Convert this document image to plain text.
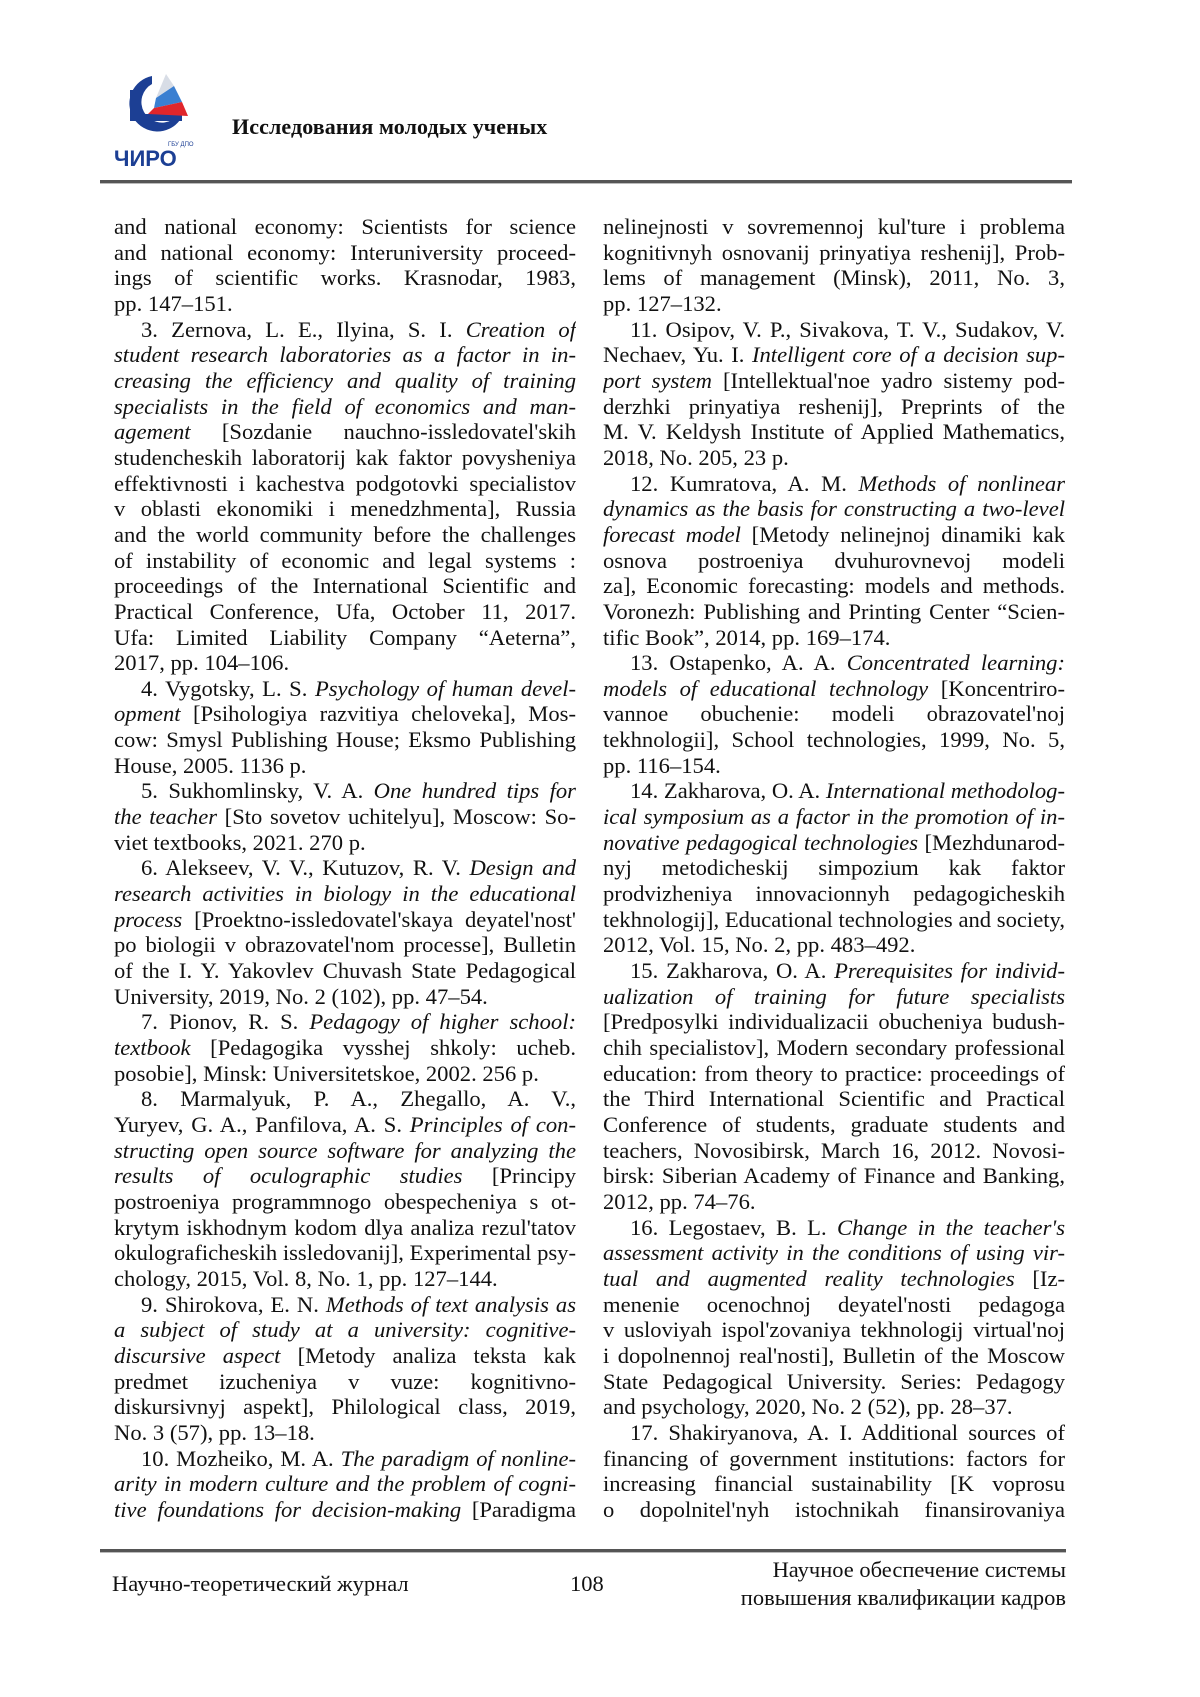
ГБУ ДПО
ЧИРО
Исследования молодых ученых
and national economy: Scientists for science
and national economy: Interuniversity proceed-
ings of scientific works. Krasnodar, 1983,
pp. 147–151.
3. Zernova, L. E., Ilyina, S. I. Creation of
student research laboratories as a factor in in-
creasing the efficiency and quality of training
specialists in the field of economics and man-
agement [Sozdanie nauchno-issledovatel'skih
studencheskih laboratorij kak faktor povysheniya
effektivnosti i kachestva podgotovki specialistov
v oblasti ekonomiki i menedzhmenta], Russia
and the world community before the challenges
of instability of economic and legal systems :
proceedings of the International Scientific and
Practical Conference, Ufa, October 11, 2017.
Ufa: Limited Liability Company “Aeterna”,
2017, pp. 104–106.
4. Vygotsky, L. S. Psychology of human devel-
opment [Psihologiya razvitiya cheloveka], Mos-
cow: Smysl Publishing House; Eksmo Publishing
House, 2005. 1136 p.
5. Sukhomlinsky, V. A. One hundred tips for
the teacher [Sto sovetov uchitelyu], Moscow: So-
viet textbooks, 2021. 270 p.
6. Alekseev, V. V., Kutuzov, R. V. Design and
research activities in biology in the educational
process [Proektno-issledovatel'skaya deyatel'nost'
po biologii v obrazovatel'nom processe], Bulletin
of the I. Y. Yakovlev Chuvash State Pedagogical
University, 2019, No. 2 (102), pp. 47–54.
7. Pionov, R. S. Pedagogy of higher school:
textbook [Pedagogika vysshej shkoly: ucheb.
posobie], Minsk: Universitetskoe, 2002. 256 p.
8. Marmalyuk, P. A., Zhegallo, A. V.,
Yuryev, G. A., Panfilova, A. S. Principles of con-
structing open source software for analyzing the
results of oculographic studies [Principy
postroeniya programmnogo obespecheniya s ot-
krytym iskhodnym kodom dlya analiza rezul'tatov
okulograficheskih issledovanij], Experimental psy-
chology, 2015, Vol. 8, No. 1, pp. 127–144.
9. Shirokova, E. N. Methods of text analysis as
a subject of study at a university: cognitive-
discursive aspect [Metody analiza teksta kak
predmet izucheniya v vuze: kognitivno-
diskursivnyj aspekt], Philological class, 2019,
No. 3 (57), pp. 13–18.
10. Mozheiko, M. A. The paradigm of nonline-
arity in modern culture and the problem of cogni-
tive foundations for decision-making [Paradigma
nelinejnosti v sovremennoj kul'ture i problema
kognitivnyh osnovanij prinyatiya reshenij], Prob-
lems of management (Minsk), 2011, No. 3,
pp. 127–132.
11. Osipov, V. P., Sivakova, T. V., Sudakov, V.
Nechaev, Yu. I. Intelligent core of a decision sup-
port system [Intellektual'noe yadro sistemy pod-
derzhki prinyatiya reshenij], Preprints of the
M. V. Keldysh Institute of Applied Mathematics,
2018, No. 205, 23 p.
12. Kumratova, A. M. Methods of nonlinear
dynamics as the basis for constructing a two-level
forecast model [Metody nelinejnoj dinamiki kak
osnova postroeniya dvuhurovnevoj modeli
za], Economic forecasting: models and methods.
Voronezh: Publishing and Printing Center “Scien-
tific Book”, 2014, pp. 169–174.
13. Ostapenko, A. A. Concentrated learning:
models of educational technology [Koncentriro-
vannoe obuchenie: modeli obrazovatel'noj
tekhnologii], School technologies, 1999, No. 5,
pp. 116–154.
14. Zakharova, O. A. International methodolog-
ical symposium as a factor in the promotion of in-
novative pedagogical technologies [Mezhdunarod-
nyj metodicheskij simpozium kak faktor
prodvizheniya innovacionnyh pedagogicheskih
tekhnologij], Educational technologies and society,
2012, Vol. 15, No. 2, pp. 483–492.
15. Zakharova, O. A. Prerequisites for individ-
ualization of training for future specialists
[Predposylki individualizacii obucheniya budush-
chih specialistov], Modern secondary professional
education: from theory to practice: proceedings of
the Third International Scientific and Practical
Conference of students, graduate students and
teachers, Novosibirsk, March 16, 2012. Novosi-
birsk: Siberian Academy of Finance and Banking,
2012, pp. 74–76.
16. Legostaev, B. L. Change in the teacher's
assessment activity in the conditions of using vir-
tual and augmented reality technologies [Iz-
menenie ocenochnoj deyatel'nosti pedagoga
v usloviyah ispol'zovaniya tekhnologij virtual'noj
i dopolnennoj real'nosti], Bulletin of the Moscow
State Pedagogical University. Series: Pedagogy
and psychology, 2020, No. 2 (52), pp. 28–37.
17. Shakiryanova, A. I. Additional sources of
financing of government institutions: factors for
increasing financial sustainability [K voprosu
o dopolnitel'nyh istochnikah finansirovaniya
Научно-теоретический журнал	108
Научное обеспечение системы
повышения квалификации кадров
